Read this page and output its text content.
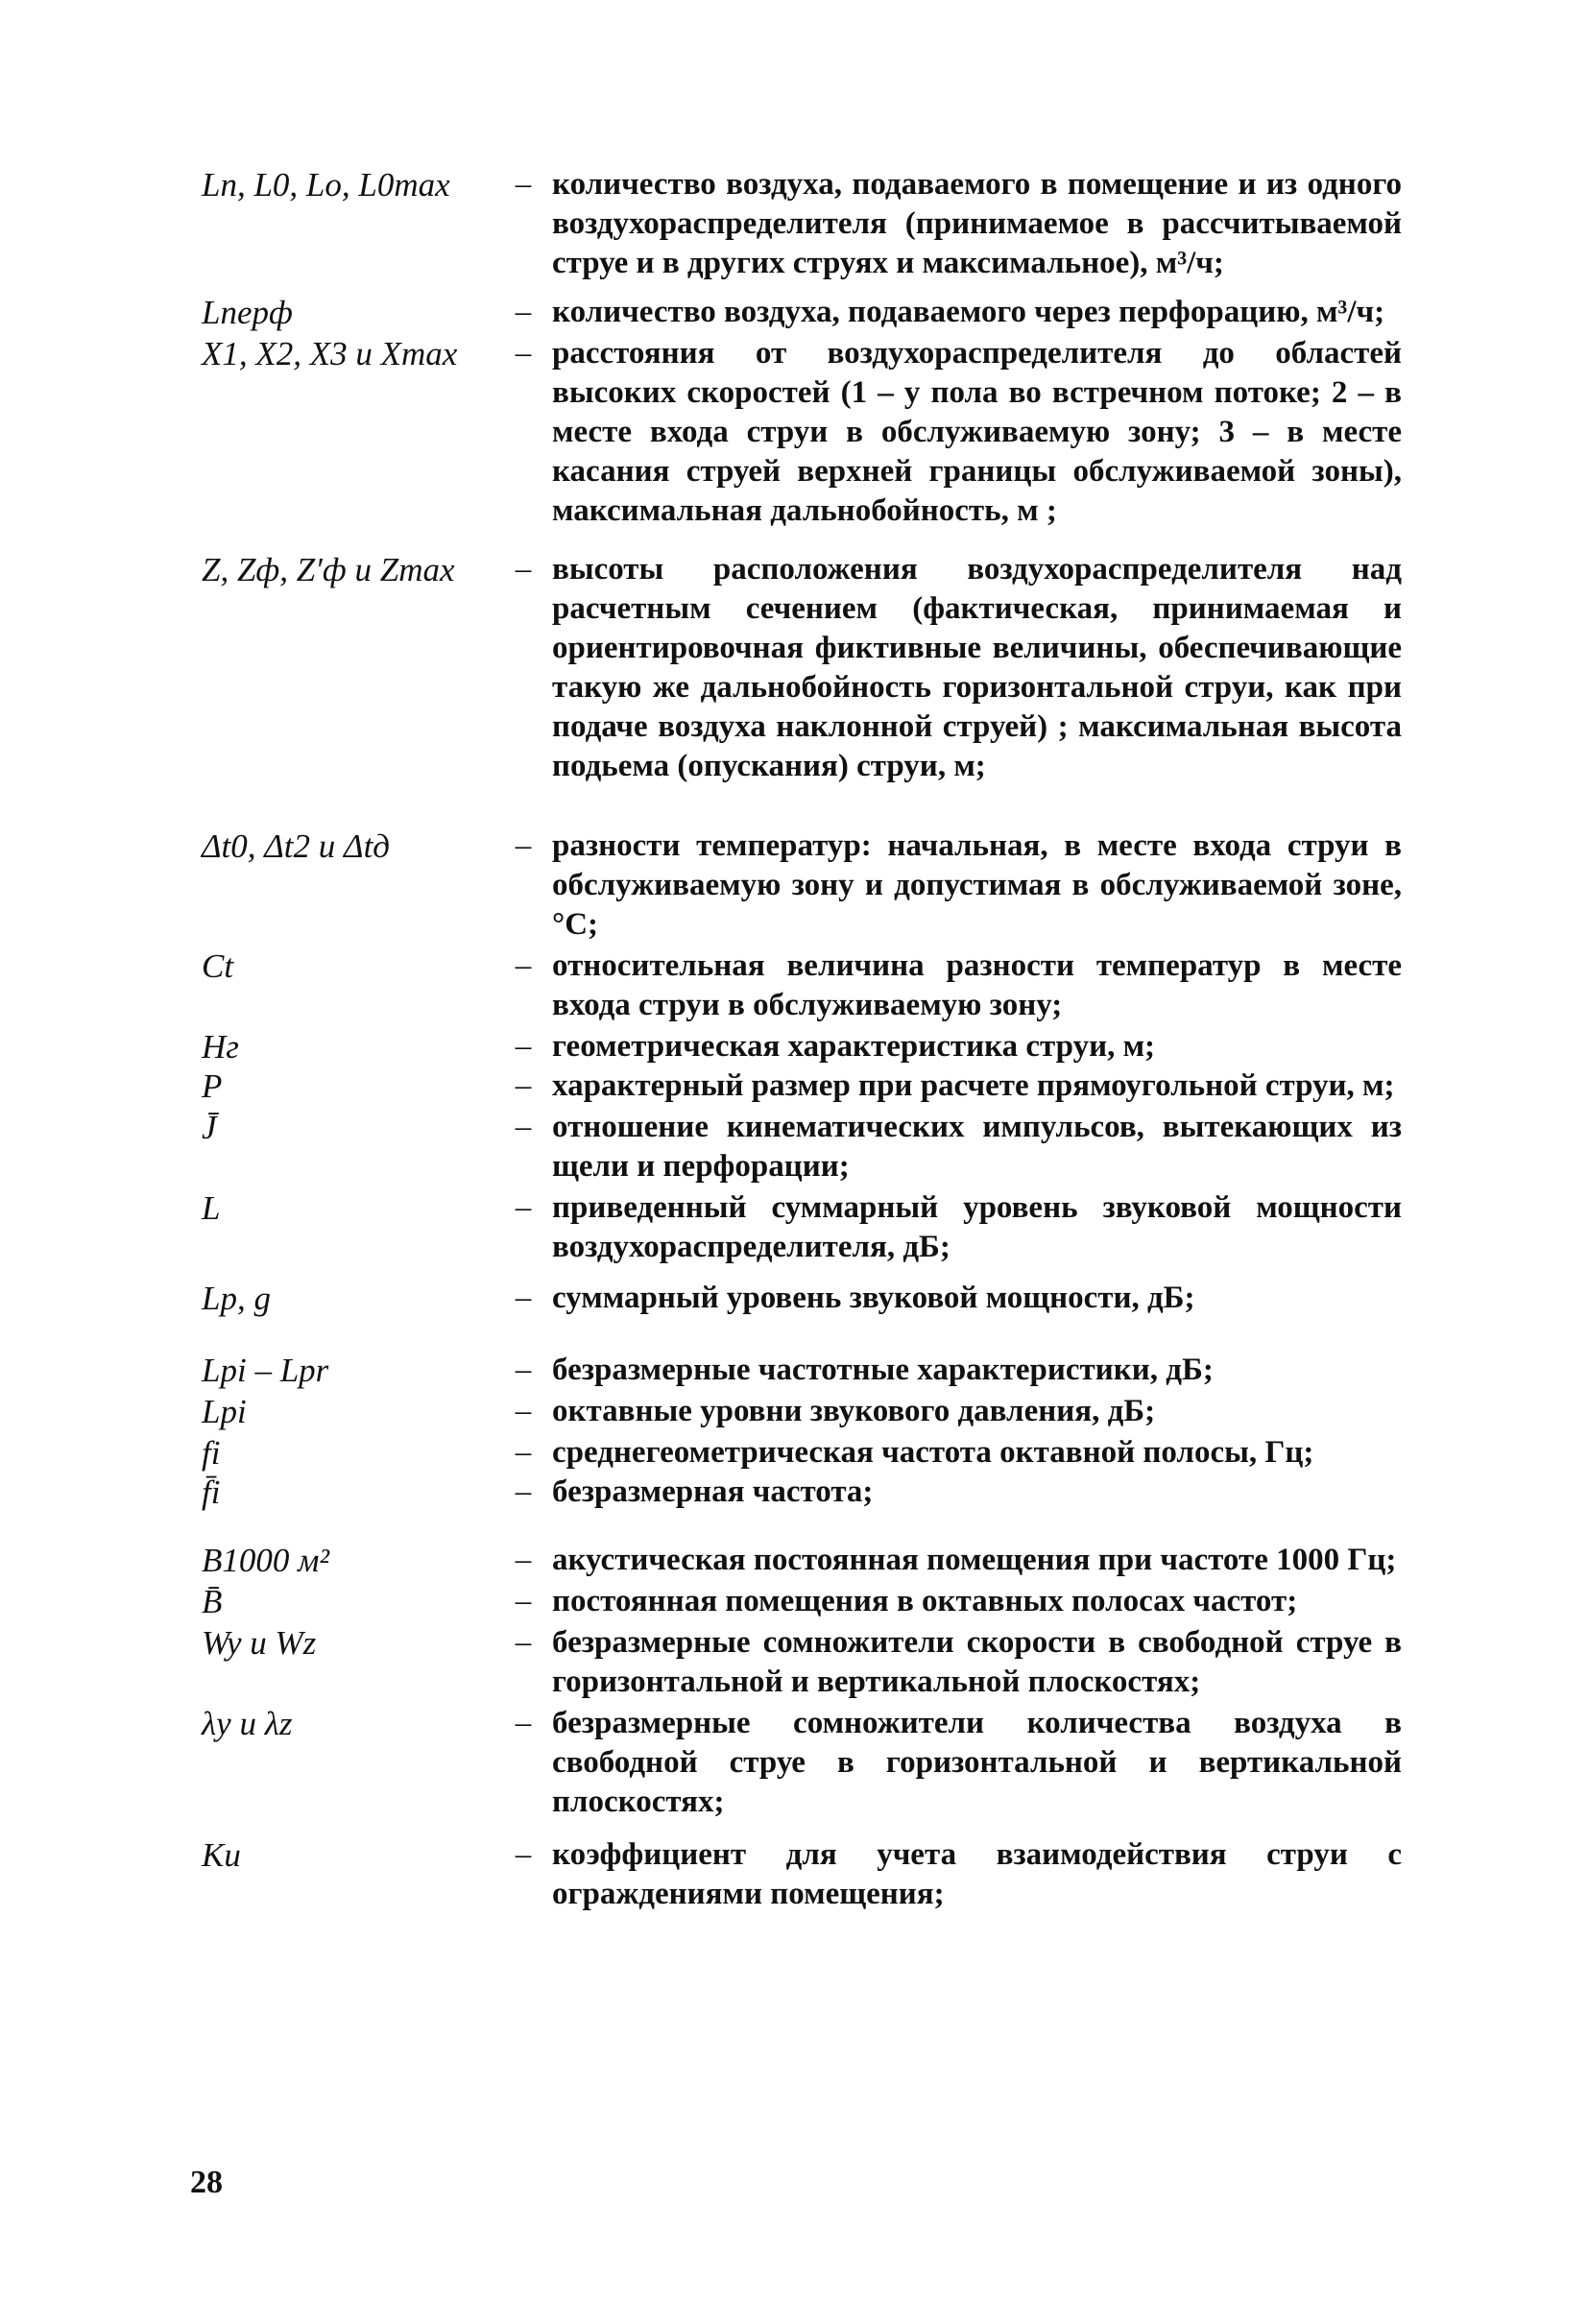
Lп, L0, Lо, L0max	– количество воздуха, подаваемого в помещение и из одного воздухораспределителя (принимаемое в рассчитываемой струе и в других струях и максимальное), м³/ч;
Lперф	– количество воздуха, подаваемого через перфорацию, м³/ч;
X1, X2, X3 и Xmax	– расстояния от воздухораспределителя до областей высоких скоростей (1 – у пола во встречном потоке; 2 – в месте входа струи в обслуживаемую зону; 3 – в месте касания струей верхней границы обслуживаемой зоны), максимальная дальнобойность, м ;
Z, Zф, Z′ф и Zmax	– высоты расположения воздухораспределителя над расчетным сечением (фактическая, принимаемая и ориентировочная фиктивные величины, обеспечивающие такую же дальнобойность горизонтальной струи, как при подаче воздуха наклонной струей) ; максимальная высота подьема (опускания) струи, м;
Δt0, Δt2 и Δtд	– разности температур: начальная, в месте входа струи в обслуживаемую зону и допустимая в обслуживаемой зоне, °С;
Ct	– относительная величина разности температур в месте входа струи в обслуживаемую зону;
Hг	– геометрическая характеристика струи, м;
P	– характерный размер при расчете прямоугольной струи, м;
J̄	– отношение кинематических импульсов, вытекающих из щели и перфорации;
L	– приведенный суммарный уровень звуковой мощности воздухораспределителя, дБ;
Lp, g	– суммарный уровень звуковой мощности, дБ;
Lpi – Lpr	– безразмерные частотные характеристики, дБ;
Lpi	– октавные уровни звукового давления, дБ;
fi	– среднегеометрическая частота октавной полосы, Гц;
f̄i	– безразмерная частота;
B1000 м²	– акустическая постоянная помещения при частоте 1000 Гц;
B̄	– постоянная помещения в октавных полосах частот;
Wy и Wz	– безразмерные сомножители скорости в свободной струе в горизонтальной и вертикальной плоскостях;
λy и λz	– безразмерные сомножители количества воздуха в свободной струе в горизонтальной и вертикальной плоскостях;
Ku	– коэффициент для учета взаимодействия струи с ограждениями помещения;
28
